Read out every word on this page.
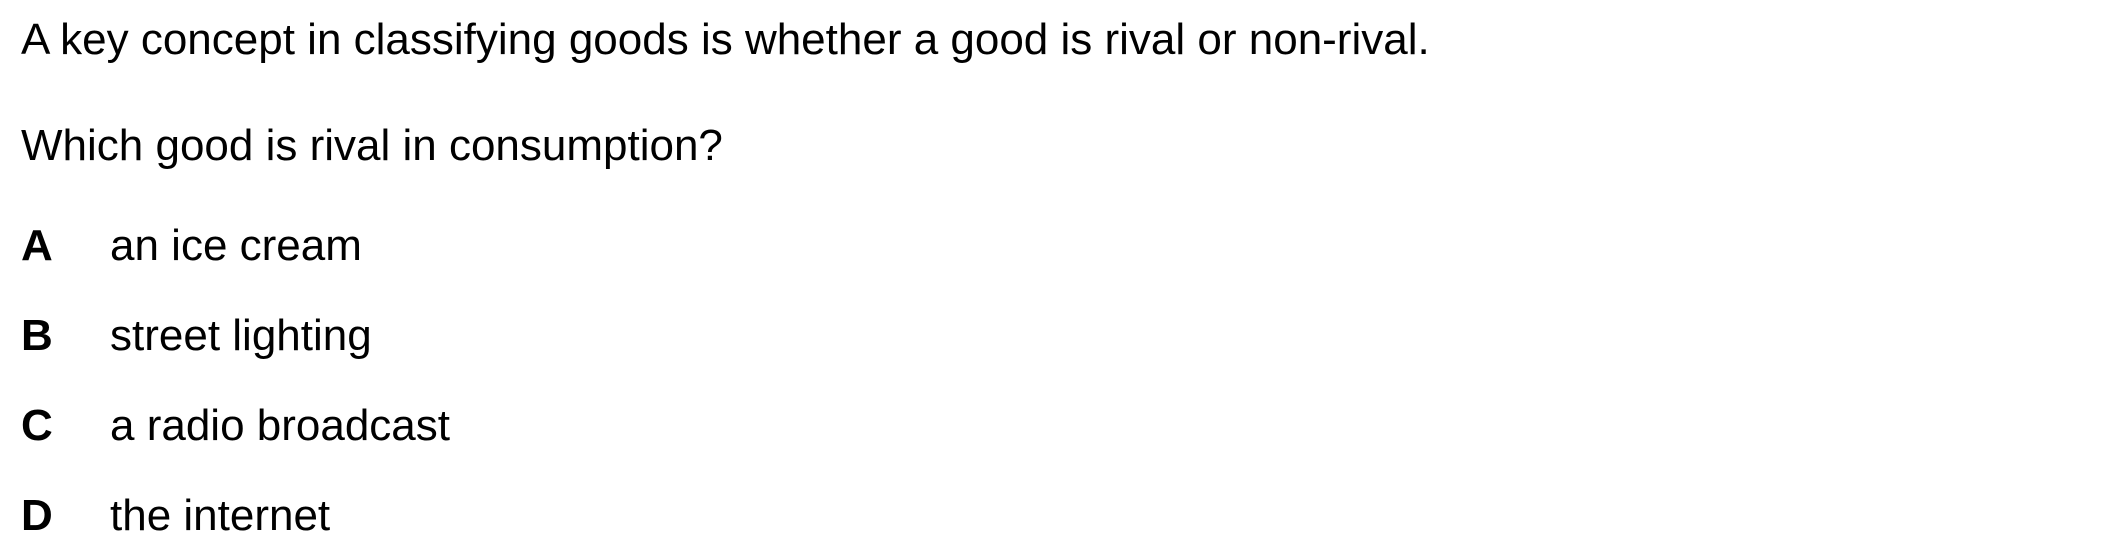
A key concept in classifying goods is whether a good is rival or non-rival.
Which good is rival in consumption?
A an ice cream
B street lighting
C a radio broadcast
D the internet
